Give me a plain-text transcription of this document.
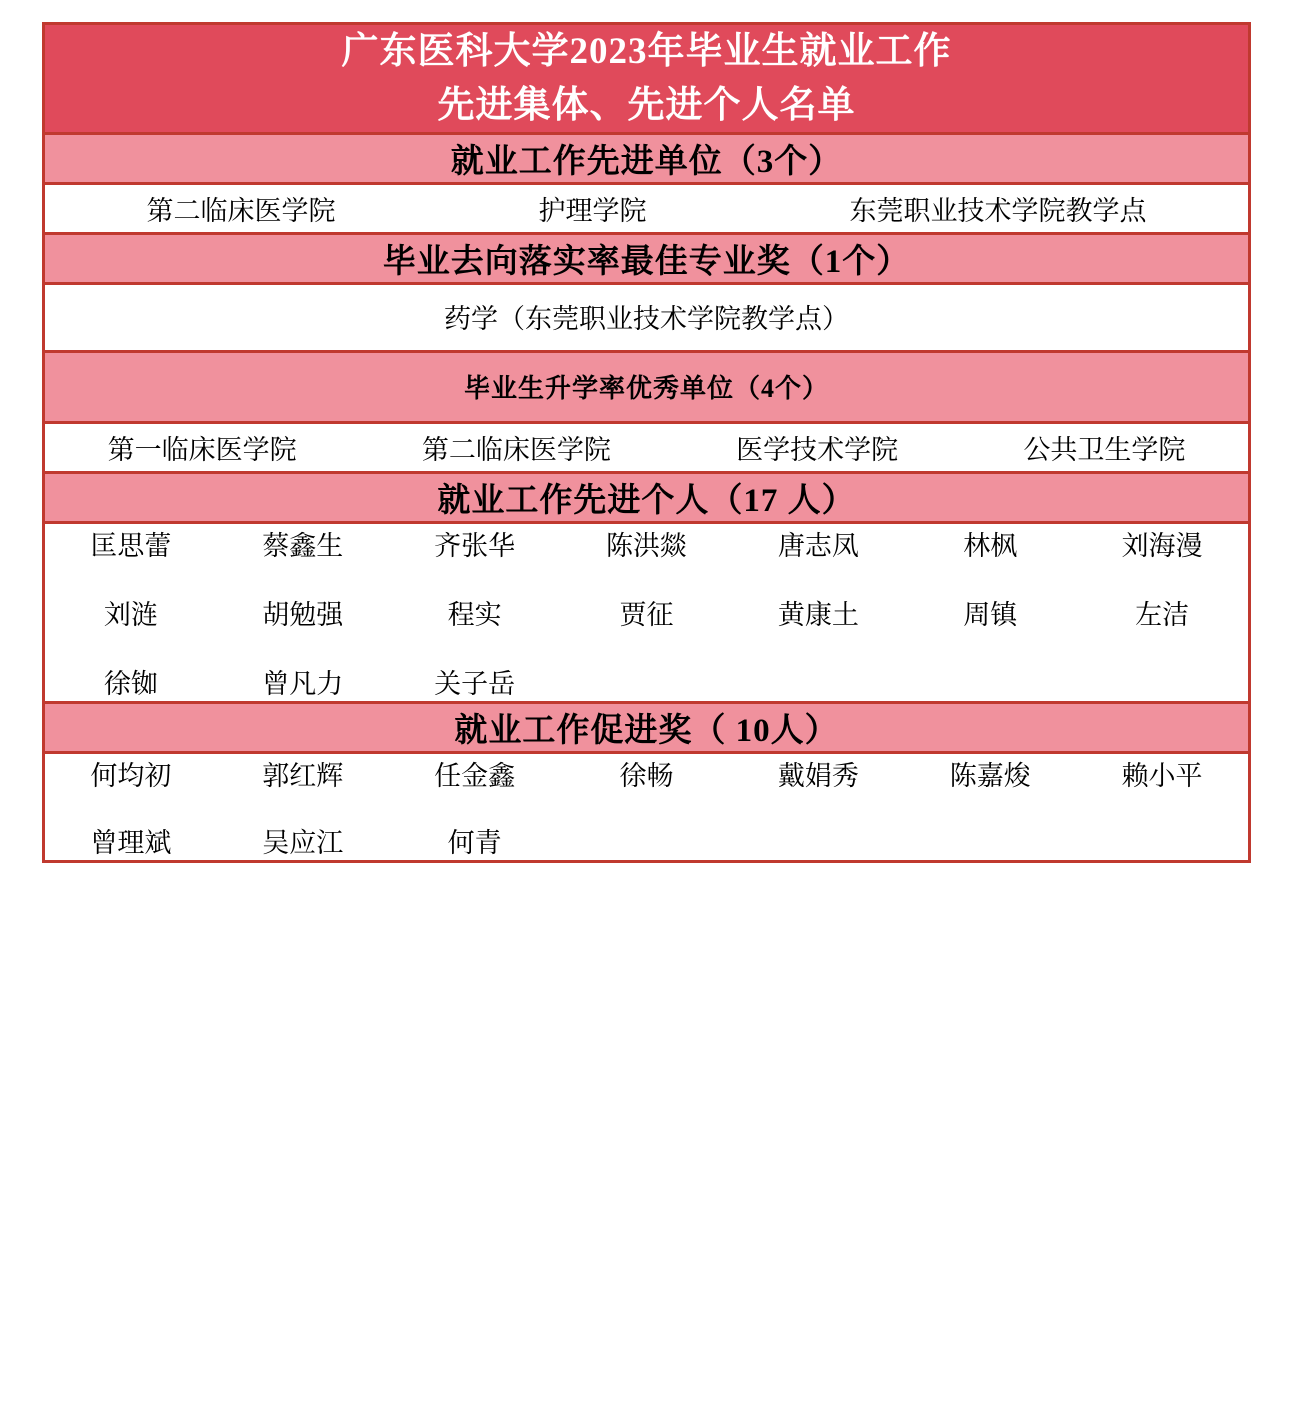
广东医科大学2023年毕业生就业工作
先进集体、先进个人名单

就业工作先进单位（3个）

第二临床医学院	护理学院	东莞职业技术学院教学点

毕业去向落实率最佳专业奖（1个）

药学（东莞职业技术学院教学点）

毕业生升学率优秀单位（4个）

第一临床医学院	第二临床医学院	医学技术学院	公共卫生学院

就业工作先进个人（17 人）

匡思蕾	蔡鑫生	齐张华	陈洪燚	唐志凤	林枫	刘海漫
刘涟	胡勉强	程实	贾征	黄康土	周镇	左洁
徐铷	曾凡力	关子岳

就业工作促进奖（ 10人）

何均初	郭红辉	任金鑫	徐畅	戴娟秀	陈嘉焌	赖小平
曾理斌	吴应江	何青
